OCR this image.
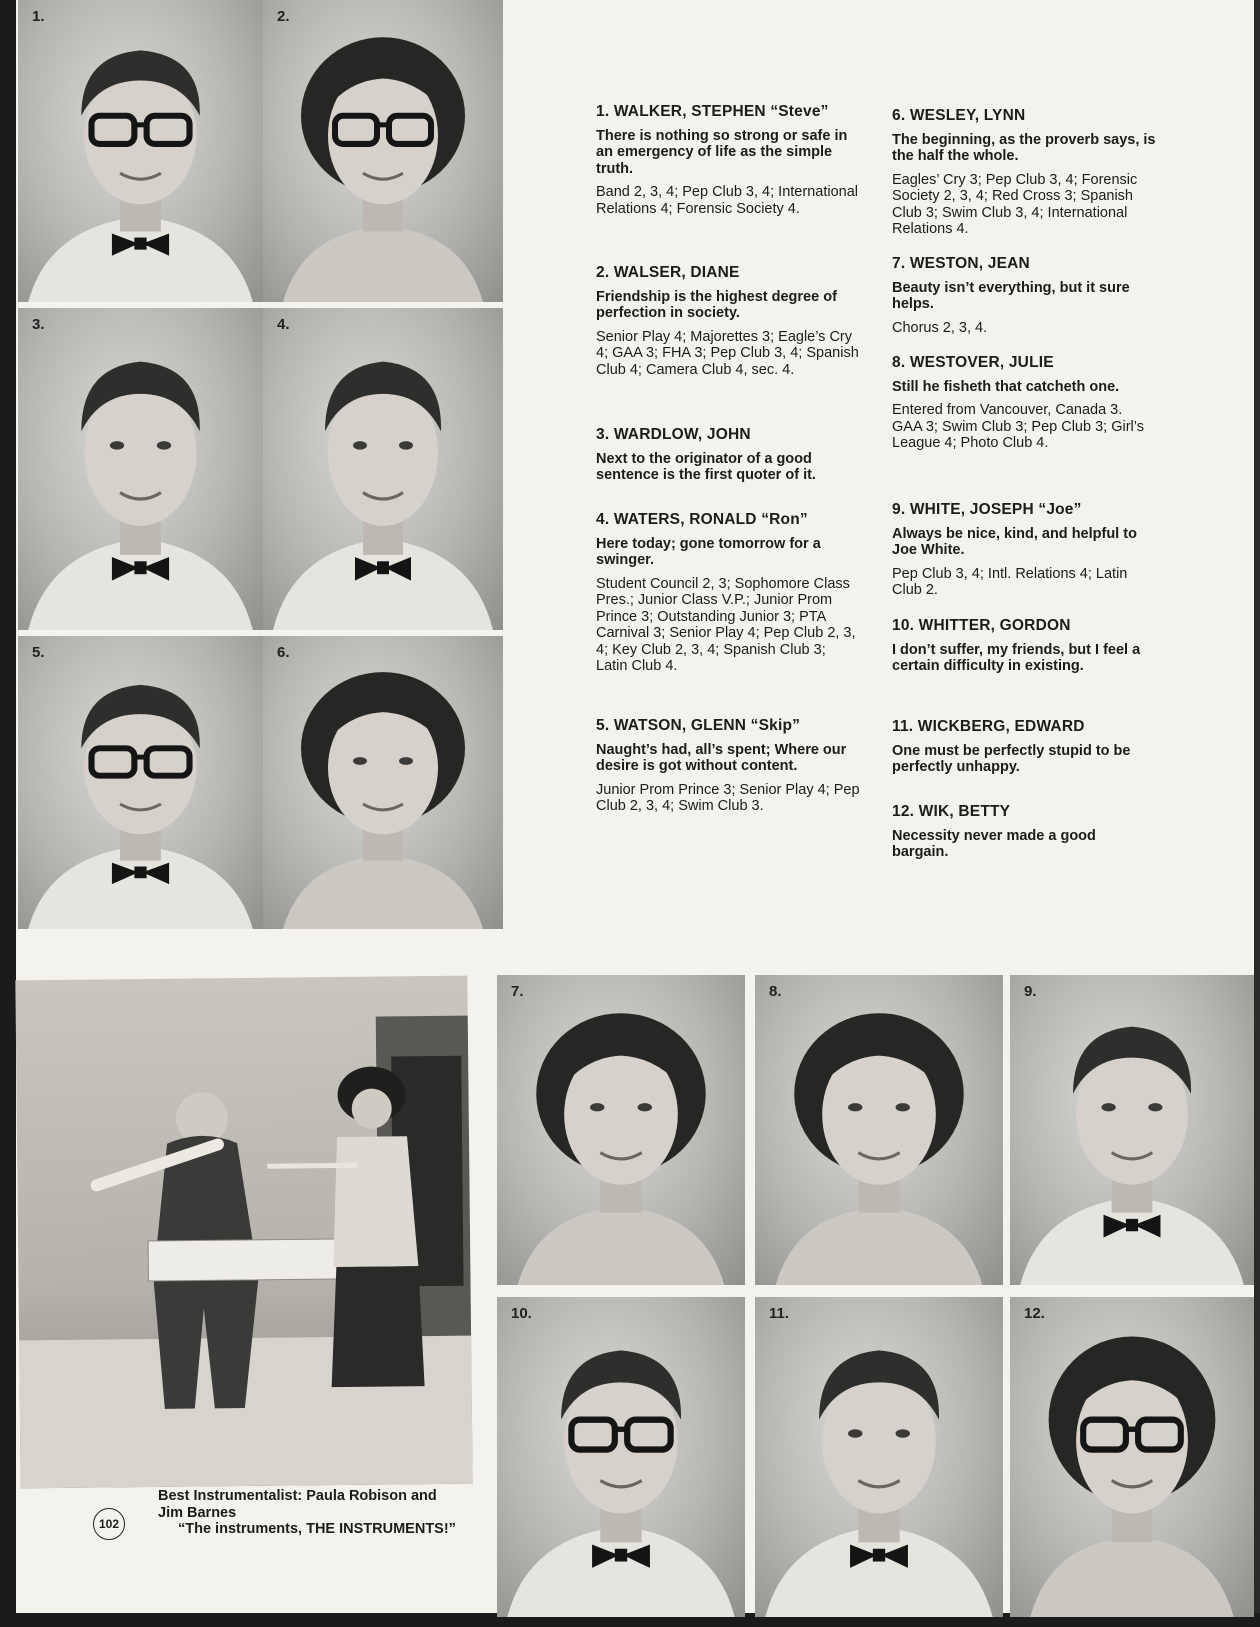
1.	2.
3.	4.
5.	6.
7.	8.	9.
10.	11.	12.
Best Instrumentalist: Paula Robison and Jim Barnes
“The instruments, THE INSTRUMENTS!”
102

1. WALKER, STEPHEN “Steve”

There is nothing so strong or safe in an emergency of life as the simple truth.

Band 2, 3, 4; Pep Club 3, 4; International Relations 4; Forensic Society 4.

2. WALSER, DIANE

Friendship is the highest degree of perfection in society.

Senior Play 4; Majorettes 3; Eagle’s Cry 4; GAA 3; FHA 3; Pep Club 3, 4; Spanish Club 4; Camera Club 4, sec. 4.

3. WARDLOW, JOHN

Next to the originator of a good sentence is the first quoter of it.

4. WATERS, RONALD “Ron”

Here today; gone tomorrow for a swinger.

Student Council 2, 3; Sophomore Class Pres.; Junior Class V.P.; Junior Prom Prince 3; Outstanding Junior 3; PTA Carnival 3; Senior Play 4; Pep Club 2, 3, 4; Key Club 2, 3, 4; Spanish Club 3; Latin Club 4.

5. WATSON, GLENN “Skip”

Naught’s had, all’s spent; Where our desire is got without content.

Junior Prom Prince 3; Senior Play 4; Pep Club 2, 3, 4; Swim Club 3.

6. WESLEY, LYNN

The beginning, as the proverb says, is the half the whole.

Eagles’ Cry 3; Pep Club 3, 4; Forensic Society 2, 3, 4; Red Cross 3; Spanish Club 3; Swim Club 3, 4; International Relations 4.

7. WESTON, JEAN

Beauty isn’t everything, but it sure helps.

Chorus 2, 3, 4.

8. WESTOVER, JULIE

Still he fisheth that catcheth one.

Entered from Vancouver, Canada 3. GAA 3; Swim Club 3; Pep Club 3; Girl’s League 4; Photo Club 4.

9. WHITE, JOSEPH “Joe”

Always be nice, kind, and helpful to Joe White.

Pep Club 3, 4; Intl. Relations 4; Latin Club 2.

10. WHITTER, GORDON

I don’t suffer, my friends, but I feel a certain difficulty in existing.

11. WICKBERG, EDWARD

One must be perfectly stupid to be perfectly unhappy.

12. WIK, BETTY

Necessity never made a good bargain.
